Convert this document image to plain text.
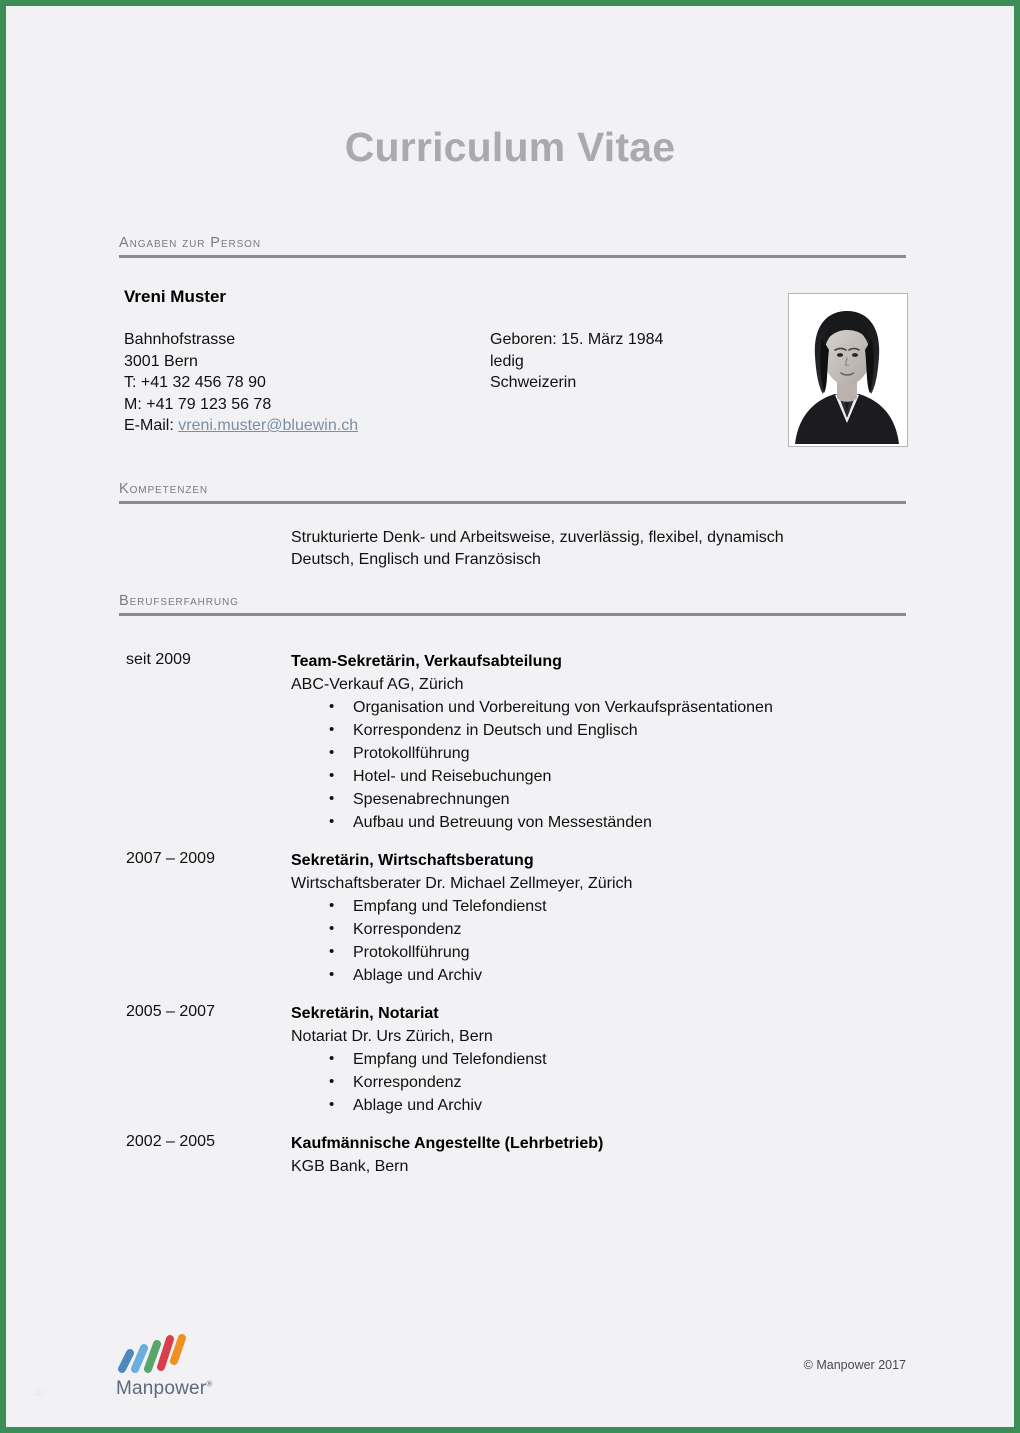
Curriculum Vitae
Angaben zur Person
Vreni Muster
Bahnhofstrasse
3001 Bern
T: +41 32 456 78 90
M: +41 79 123 56 78
E-Mail: vreni.muster@bluewin.ch
Geboren: 15. März 1984
ledig
Schweizerin
Kompetenzen
Strukturierte Denk- und Arbeitsweise, zuverlässig, flexibel, dynamisch
Deutsch, Englisch und Französisch
Berufserfahrung
seit 2009	Team-Sekretärin, Verkaufsabteilung
ABC-Verkauf AG, Zürich
• Organisation und Vorbereitung von Verkaufspräsentationen
• Korrespondenz in Deutsch und Englisch
• Protokollführung
• Hotel- und Reisebuchungen
• Spesenabrechnungen
• Aufbau und Betreuung von Messeständen
2007 – 2009	Sekretärin, Wirtschaftsberatung
Wirtschaftsberater Dr. Michael Zellmeyer, Zürich
• Empfang und Telefondienst
• Korrespondenz
• Protokollführung
• Ablage und Archiv
2005 – 2007	Sekretärin, Notariat
Notariat Dr. Urs Zürich, Bern
• Empfang und Telefondienst
• Korrespondenz
• Ablage und Archiv
2002 – 2005	Kaufmännische Angestellte (Lehrbetrieb)
KGB Bank, Bern
Manpower®
© Manpower 2017
30
